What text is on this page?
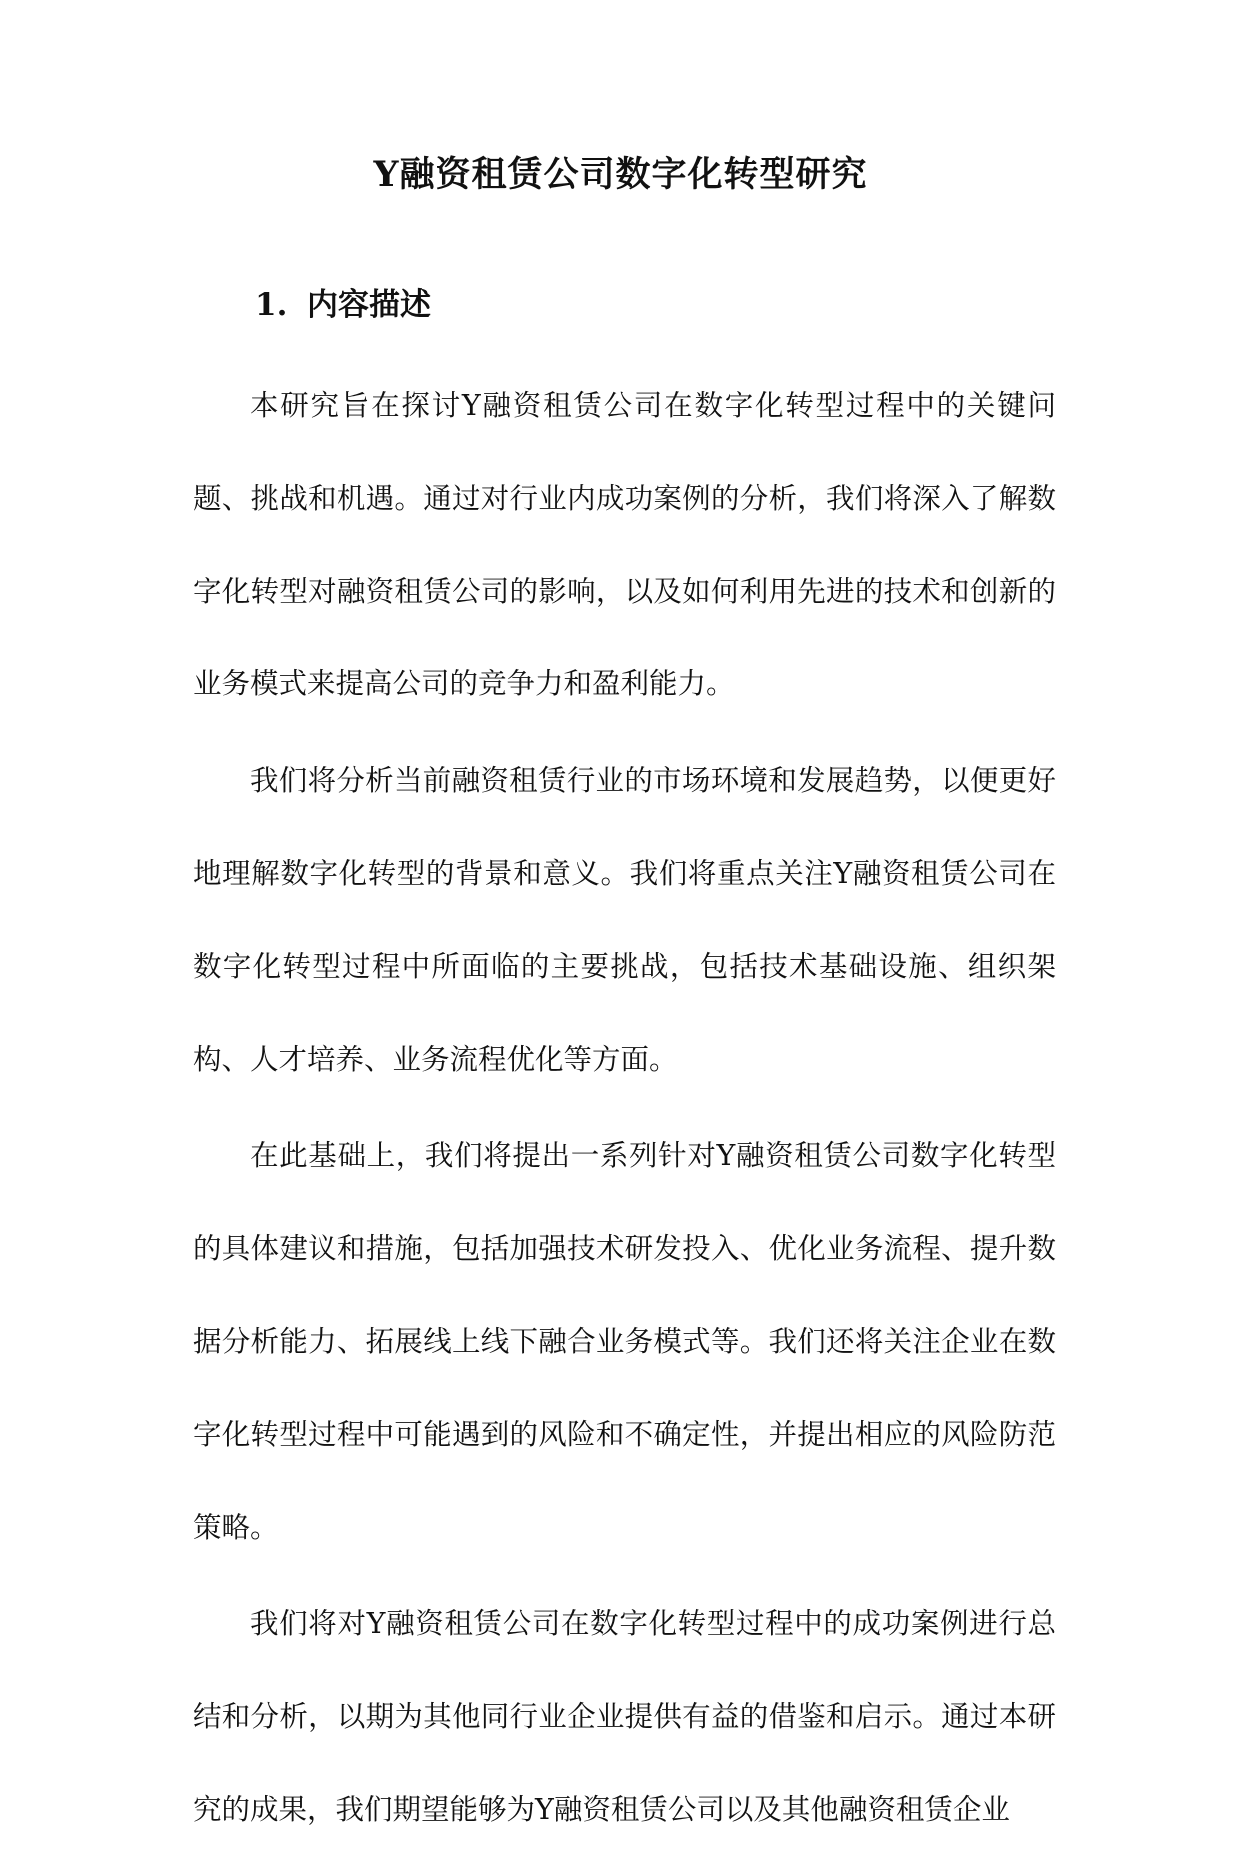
Y融资租赁公司数字化转型研究
1. 内容描述

本研究旨在探讨Y融资租赁公司在数字化转型过程中的关键问题、挑战和机遇。通过对行业内成功案例的分析，我们将深入了解数字化转型对融资租赁公司的影响，以及如何利用先进的技术和创新的业务模式来提高公司的竞争力和盈利能力。

我们将分析当前融资租赁行业的市场环境和发展趋势，以便更好地理解数字化转型的背景和意义。我们将重点关注Y融资租赁公司在数字化转型过程中所面临的主要挑战，包括技术基础设施、组织架构、人才培养、业务流程优化等方面。

在此基础上，我们将提出一系列针对Y融资租赁公司数字化转型的具体建议和措施，包括加强技术研发投入、优化业务流程、提升数据分析能力、拓展线上线下融合业务模式等。我们还将关注企业在数字化转型过程中可能遇到的风险和不确定性，并提出相应的风险防范策略。

我们将对Y融资租赁公司在数字化转型过程中的成功案例进行总结和分析，以期为其他同行业企业提供有益的借鉴和启示。通过本研究的成果，我们期望能够为Y融资租赁公司以及其他融资租赁企业
